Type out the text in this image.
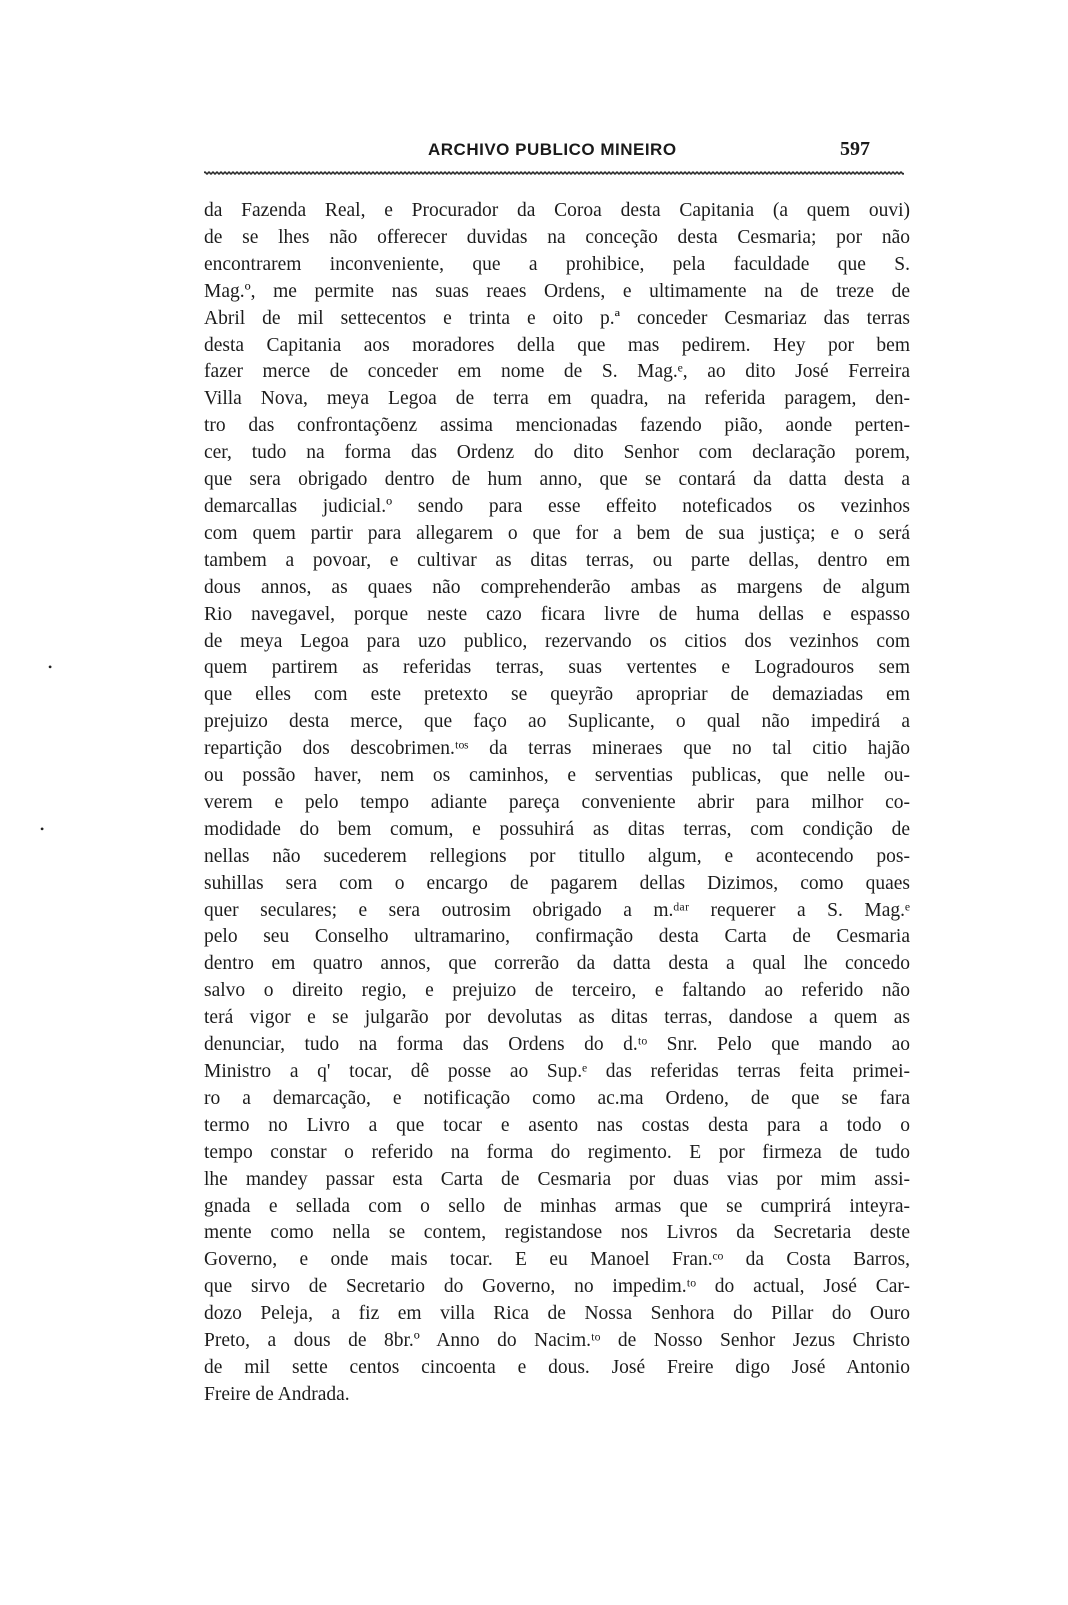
ARCHIVO PUBLICO MINEIRO	597
•
•
da Fazenda Real, e Procurador da Coroa desta Capitania (a quem ouvi)
de se lhes não offerecer duvidas na conceção desta Cesmaria; por não
encontrarem inconveniente, que a prohibice, pela faculdade que S.
Mag.º, me permite nas suas reaes Ordens, e ultimamente na de treze de
Abril de mil settecentos e trinta e oito p.ª conceder Cesmariaz das terras
desta Capitania aos moradores della que mas pedirem. Hey por bem
fazer merce de conceder em nome de S. Mag.ᵉ, ao dito José Ferreira
Villa Nova, meya Legoa de terra em quadra, na referida paragem, den-
tro das confrontaçõenz assima mencionadas fazendo pião, aonde perten-
cer, tudo na forma das Ordenz do dito Senhor com declaração porem,
que sera obrigado dentro de hum anno, que se contará da datta desta a
demarcallas judicial.º sendo para esse effeito noteficados os vezinhos
com quem partir para allegarem o que for a bem de sua justiça; e o será
tambem a povoar, e cultivar as ditas terras, ou parte dellas, dentro em
dous annos, as quaes não comprehenderão ambas as margens de algum
Rio navegavel, porque neste cazo ficara livre de huma dellas e espasso
de meya Legoa para uzo publico, rezervando os citios dos vezinhos com
quem partirem as referidas terras, suas vertentes e Logradouros sem
que elles com este pretexto se queyrão apropriar de demaziadas em
prejuizo desta merce, que faço ao Suplicante, o qual não impedirá a
repartição dos descobrimen.ᵗᵒˢ da terras mineraes que no tal citio hajão
ou possão haver, nem os caminhos, e serventias publicas, que nelle ou-
verem e pelo tempo adiante pareça conveniente abrir para milhor co-
modidade do bem comum, e possuhirá as ditas terras, com condição de
nellas não sucederem rellegions por titullo algum, e acontecendo pos-
suhillas sera com o encargo de pagarem dellas Dizimos, como quaes
quer seculares; e sera outrosim obrigado a m.ᵈᵃʳ requerer a S. Mag.ᵉ
pelo seu Conselho ultramarino, confirmação desta Carta de Cesmaria
dentro em quatro annos, que correrão da datta desta a qual lhe concedo
salvo o direito regio, e prejuizo de terceiro, e faltando ao referido não
terá vigor e se julgarão por devolutas as ditas terras, dandose a quem as
denunciar, tudo na forma das Ordens do d.ᵗᵒ Snr. Pelo que mando ao
Ministro a q' tocar, dê posse ao Sup.ᵉ das referidas terras feita primei-
ro a demarcação, e notificação como ac.ma Ordeno, de que se fara
termo no Livro a que tocar e asento nas costas desta para a todo o
tempo constar o referido na forma do regimento. E por firmeza de tudo
lhe mandey passar esta Carta de Cesmaria por duas vias por mim assi-
gnada e sellada com o sello de minhas armas que se cumprirá inteyra-
mente como nella se contem, registandose nos Livros da Secretaria deste
Governo, e onde mais tocar. E eu Manoel Fran.ᶜᵒ da Costa Barros,
que sirvo de Secretario do Governo, no impedim.ᵗᵒ do actual, José Car-
dozo Peleja, a fiz em villa Rica de Nossa Senhora do Pillar do Ouro
Preto, a dous de 8br.º Anno do Nacim.ᵗᵒ de Nosso Senhor Jezus Christo
de mil sette centos cincoenta e dous. José Freire digo José Antonio
Freire de Andrada.
